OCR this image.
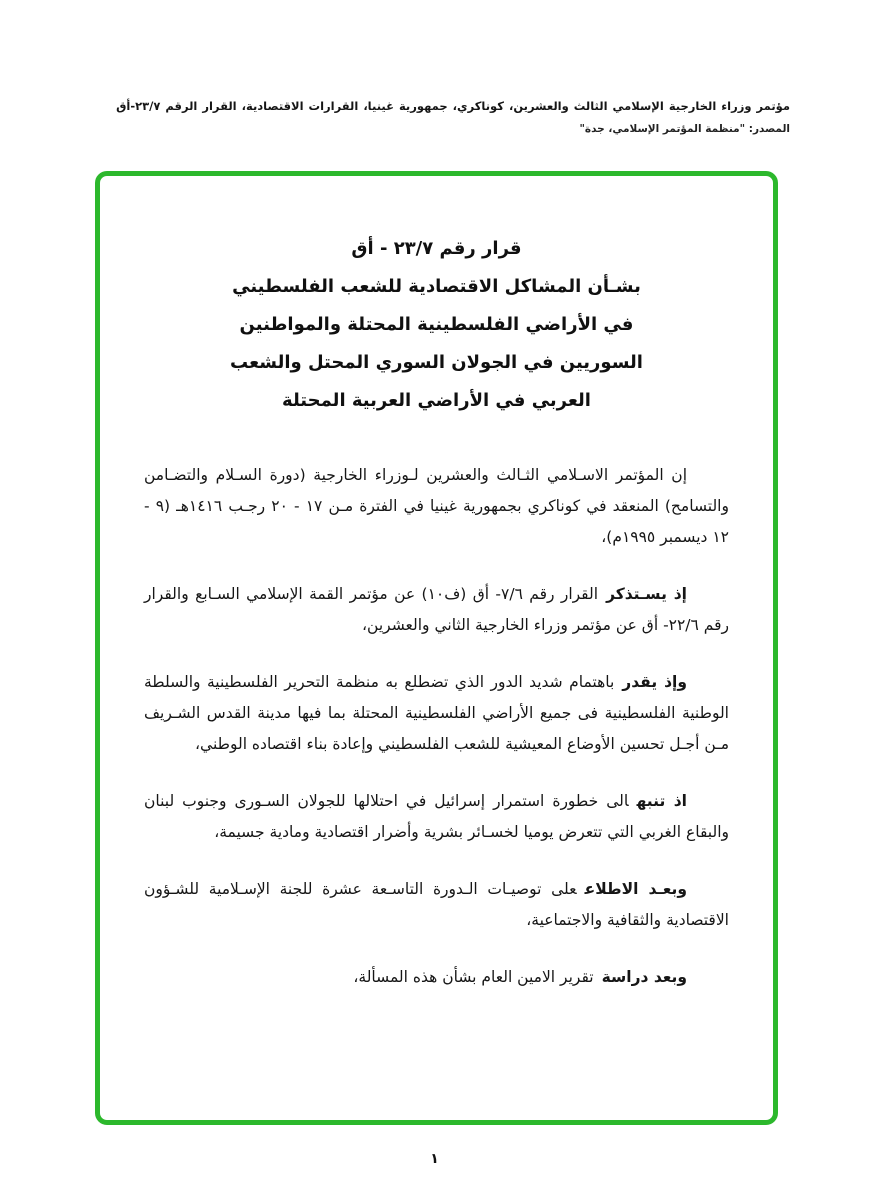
مؤتمر وزراء الخارجية الإسلامي الثالث والعشرين، كوناكري، جمهورية غينيا، القرارات الاقتصادية، القرار الرقم ٢٣/٧-أق
المصدر: "منظمة المؤتمر الإسلامي، جدة"
قرار رقم ٢٣/٧ - أق
بشـأن المشاكل الاقتصادية للشعب الفلسطيني
في الأراضي الفلسطينية المحتلة والمواطنين
السوريين في الجولان السوري المحتل والشعب
العربي في الأراضي العربية المحتلة

إن المؤتمر الاسـلامي الثـالث والعشرين لـوزراء الخارجية (دورة السـلام والتضـامن والتسامح) المنعقد في كوناكري بجمهورية غينيا في الفترة مـن ١٧ - ٢٠ رجـب ١٤١٦هـ (٩ - ١٢ ديسمبر ١٩٩٥م)،

إذ يسـتذكرالقرار رقم ٧/٦- أق (ف١٠) عن مؤتمر القمة الإسلامي السـابع والقرار رقم ٢٢/٦- أق عن مؤتمر وزراء الخارجية الثاني والعشرين،

وإذ يقدرباهتمام شديد الدور الذي تضطلع به منظمة التحرير الفلسطينية والسلطة الوطنية الفلسطينية فى جميع الأراضي الفلسطينية المحتلة بما فيها مدينة القدس الشـريف مـن أجـل تحسين الأوضاع المعيشية للشعب الفلسطيني وإعادة بناء اقتصاده الوطني،

اذ تنبهالى خطورة استمرار إسرائيل في احتلالها للجولان السـورى وجنوب لبنان والبقاع الغربي التي تتعرض يوميا لخسـائر بشرية وأضرار اقتصادية ومادية جسيمة،

وبعـد الاطلاععلى توصيـات الـدورة التاسـعة عشرة للجنة الإسـلامية للشـؤون الاقتصادية والثقافية والاجتماعية،

وبعد دراسةتقرير الامين العام بشأن هذه المسألة،

١
